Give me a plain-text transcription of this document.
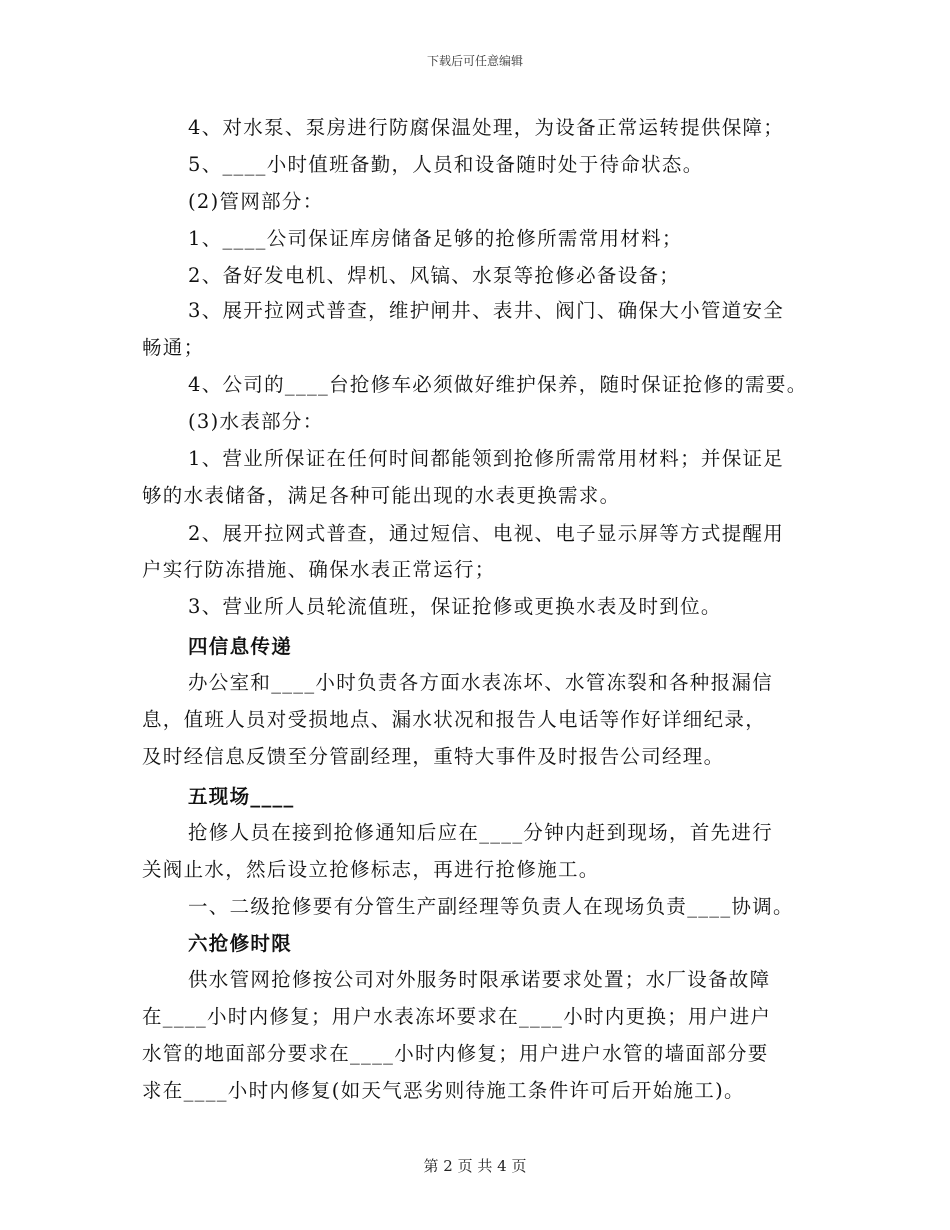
下载后可任意编辑
4、对水泵、泵房进行防腐保温处理，为设备正常运转提供保障；
5、____小时值班备勤，人员和设备随时处于待命状态。
(2)管网部分：
1、____公司保证库房储备足够的抢修所需常用材料；
2、备好发电机、焊机、风镐、水泵等抢修必备设备；
3、展开拉网式普查，维护闸井、表井、阀门、确保大小管道安全
畅通；
4、公司的____台抢修车必须做好维护保养，随时保证抢修的需要。
(3)水表部分：
1、营业所保证在任何时间都能领到抢修所需常用材料；并保证足
够的水表储备，满足各种可能出现的水表更换需求。
2、展开拉网式普查，通过短信、电视、电子显示屏等方式提醒用
户实行防冻措施、确保水表正常运行；
3、营业所人员轮流值班，保证抢修或更换水表及时到位。
四信息传递
办公室和____小时负责各方面水表冻坏、水管冻裂和各种报漏信
息，值班人员对受损地点、漏水状况和报告人电话等作好详细纪录，
及时经信息反馈至分管副经理，重特大事件及时报告公司经理。
五现场____
抢修人员在接到抢修通知后应在____分钟内赶到现场，首先进行
关阀止水，然后设立抢修标志，再进行抢修施工。
一、二级抢修要有分管生产副经理等负责人在现场负责____协调。
六抢修时限
供水管网抢修按公司对外服务时限承诺要求处置；水厂设备故障
在____小时内修复；用户水表冻坏要求在____小时内更换；用户进户
水管的地面部分要求在____小时内修复；用户进户水管的墙面部分要
求在____小时内修复(如天气恶劣则待施工条件许可后开始施工)。
第 2 页 共 4 页
